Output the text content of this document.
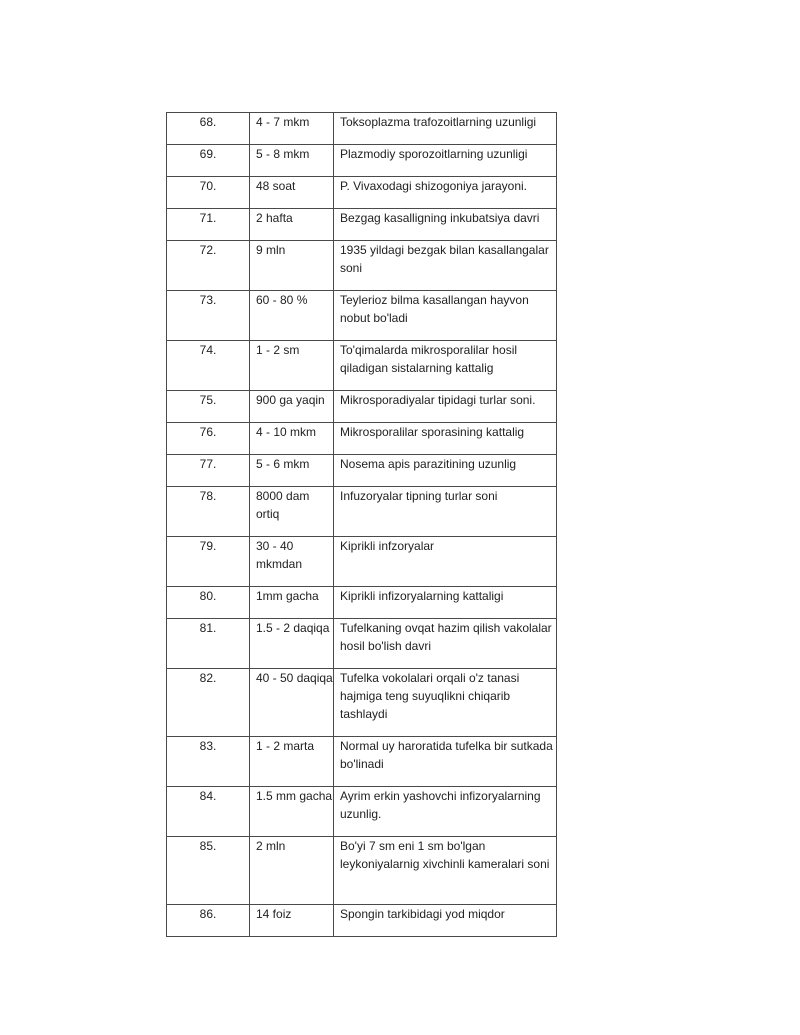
68.	4 - 7 mkm	Toksoplazma trafozoitlarning uzunligi
69.	5 - 8 mkm	Plazmodiy sporozoitlarning uzunligi
70.	48 soat	P. Vivaxodagi shizogoniya jarayoni.
71.	2 hafta	Bezgag kasalligning inkubatsiya davri
72.	9 mln	1935 yildagi bezgak bilan kasallangalar soni
73.	60 - 80 %	Teylerioz bilma kasallangan hayvon nobut bo'ladi
74.	1 - 2 sm	To'qimalarda mikrosporalilar hosil qiladigan sistalarning kattalig
75.	900 ga yaqin	Mikrosporadiyalar tipidagi turlar soni.
76.	4 - 10 mkm	Mikrosporalilar sporasining kattalig
77.	5 - 6 mkm	Nosema apis parazitining uzunlig
78.	8000 dam ortiq	Infuzoryalar tipning turlar soni
79.	30 - 40 mkmdan	Kiprikli infzoryalar
80.	1mm gacha	Kiprikli infizoryalarning kattaligi
81.	1.5 - 2 daqiqa	Tufelkaning ovqat hazim qilish vakolalar hosil bo'lish davri
82.	40 - 50 daqiqa	Tufelka vokolalari orqali o'z tanasi hajmiga teng suyuqlikni chiqarib tashlaydi
83.	1 - 2 marta	Normal uy haroratida tufelka bir sutkada bo'linadi
84.	1.5 mm gacha	Ayrim erkin yashovchi infizoryalarning uzunlig.
85.	2 mln	Bo'yi 7 sm eni 1 sm bo'lgan leykoniyalarnig xivchinli kameralari soni
86.	14 foiz	Spongin tarkibidagi yod miqdor
